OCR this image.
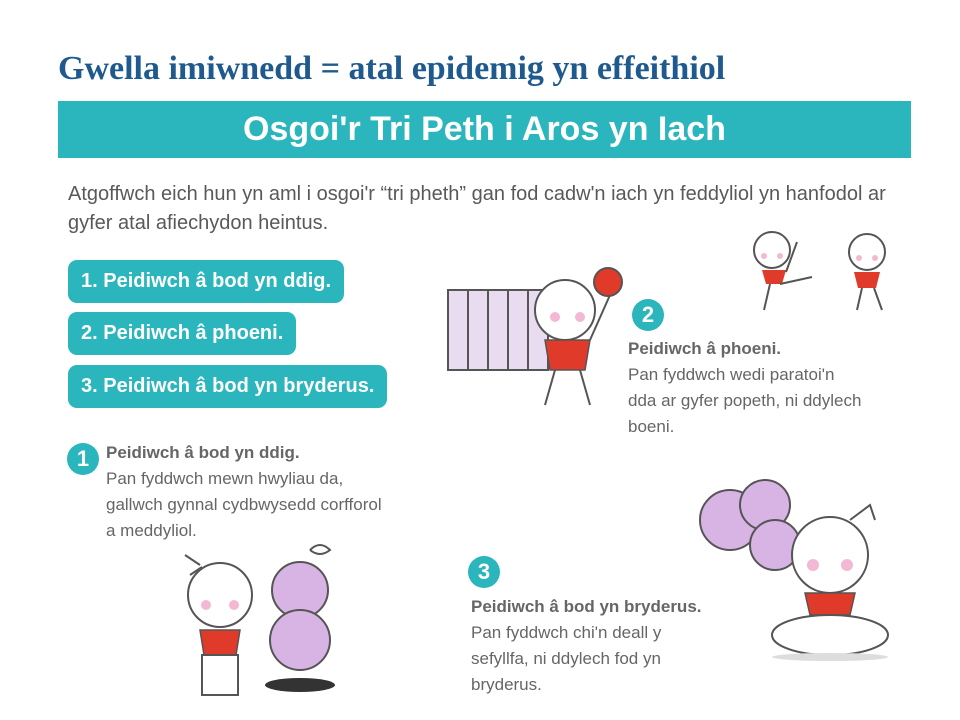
Gwella imiwnedd = atal epidemig yn effeithiol
Osgoi'r Tri Peth i Aros yn Iach
Atgoffwch eich hun yn aml i osgoi'r “tri pheth” gan fod cadw'n iach yn feddyliol yn hanfodol ar gyfer atal afiechydon heintus.
1. Peidiwch â bod yn ddig.
2. Peidiwch â phoeni.
3. Peidiwch â bod yn bryderus.
1 Peidiwch â bod yn ddig.
Pan fyddwch mewn hwyliau da,
gallwch gynnal cydbwysedd corfforol
a meddyliol.
2
Peidiwch â phoeni.
Pan fyddwch wedi paratoi'n
dda ar gyfer popeth, ni ddylech
boeni.
3
Peidiwch â bod yn bryderus.
Pan fyddwch chi'n deall y
sefyllfa, ni ddylech fod yn
bryderus.
